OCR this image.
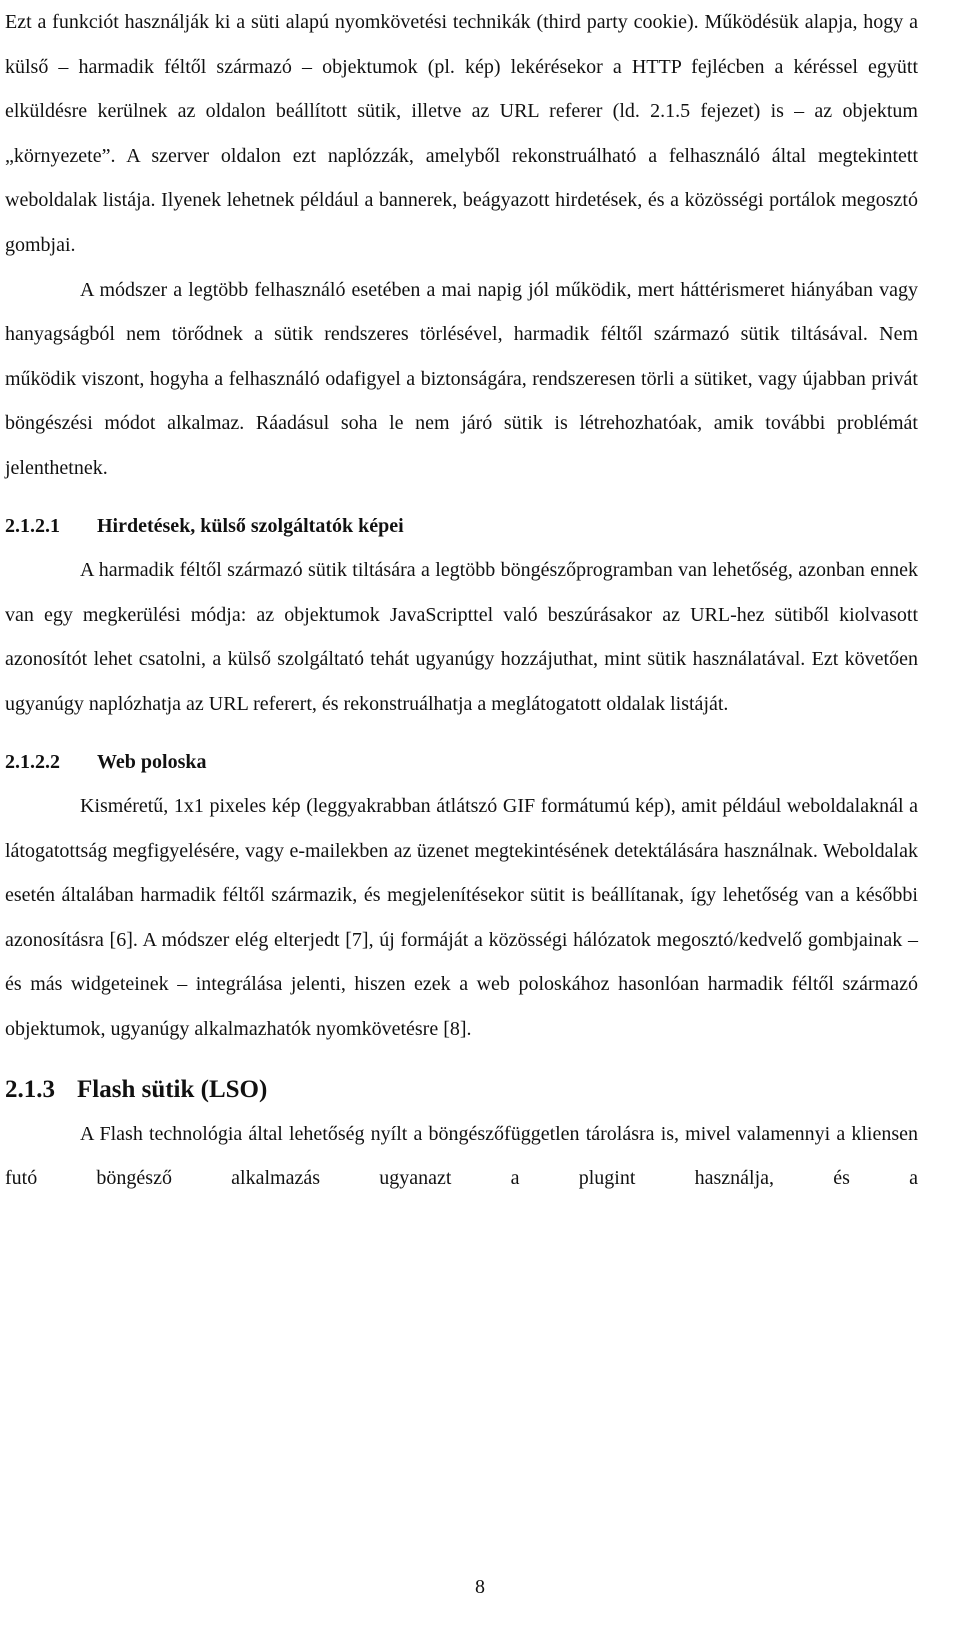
Ezt a funkciót használják ki a süti alapú nyomkövetési technikák (third party cookie). Működésük alapja, hogy a külső – harmadik féltől származó – objektumok (pl. kép) lekérésekor a HTTP fejlécben a kéréssel együtt elküldésre kerülnek az oldalon beállított sütik, illetve az URL referer (ld. 2.1.5 fejezet) is – az objektum „környezete”. A szerver oldalon ezt naplózzák, amelyből rekonstruálható a felhasználó által megtekintett weboldalak listája. Ilyenek lehetnek például a bannerek, beágyazott hirdetések, és a közösségi portálok megosztó gombjai.

A módszer a legtöbb felhasználó esetében a mai napig jól működik, mert háttérismeret hiányában vagy hanyagságból nem törődnek a sütik rendszeres törlésével, harmadik féltől származó sütik tiltásával. Nem működik viszont, hogyha a felhasználó odafigyel a biztonságára, rendszeresen törli a sütiket, vagy újabban privát böngészési módot alkalmaz. Ráadásul soha le nem járó sütik is létrehozhatóak, amik további problémát jelenthetnek.

2.1.2.1 Hirdetések, külső szolgáltatók képei

A harmadik féltől származó sütik tiltására a legtöbb böngészőprogramban van lehetőség, azonban ennek van egy megkerülési módja: az objektumok JavaScripttel való beszúrásakor az URL-hez sütiből kiolvasott azonosítót lehet csatolni, a külső szolgáltató tehát ugyanúgy hozzájuthat, mint sütik használatával. Ezt követően ugyanúgy naplózhatja az URL referert, és rekonstruálhatja a meglátogatott oldalak listáját.

2.1.2.2 Web poloska

Kisméretű, 1x1 pixeles kép (leggyakrabban átlátszó GIF formátumú kép), amit például weboldalaknál a látogatottság megfigyelésére, vagy e-mailekben az üzenet megtekintésének detektálására használnak. Weboldalak esetén általában harmadik féltől származik, és megjelenítésekor sütit is beállítanak, így lehetőség van a későbbi azonosításra [6]. A módszer elég elterjedt [7], új formáját a közösségi hálózatok megosztó/kedvelő gombjainak – és más widgeteinek – integrálása jelenti, hiszen ezek a web poloskához hasonlóan harmadik féltől származó objektumok, ugyanúgy alkalmazhatók nyomkövetésre [8].

2.1.3 Flash sütik (LSO)

A Flash technológia által lehetőség nyílt a böngészőfüggetlen tárolásra is, mivel valamennyi a kliensen futó böngésző alkalmazás ugyanazt a plugint használja, és a

8
